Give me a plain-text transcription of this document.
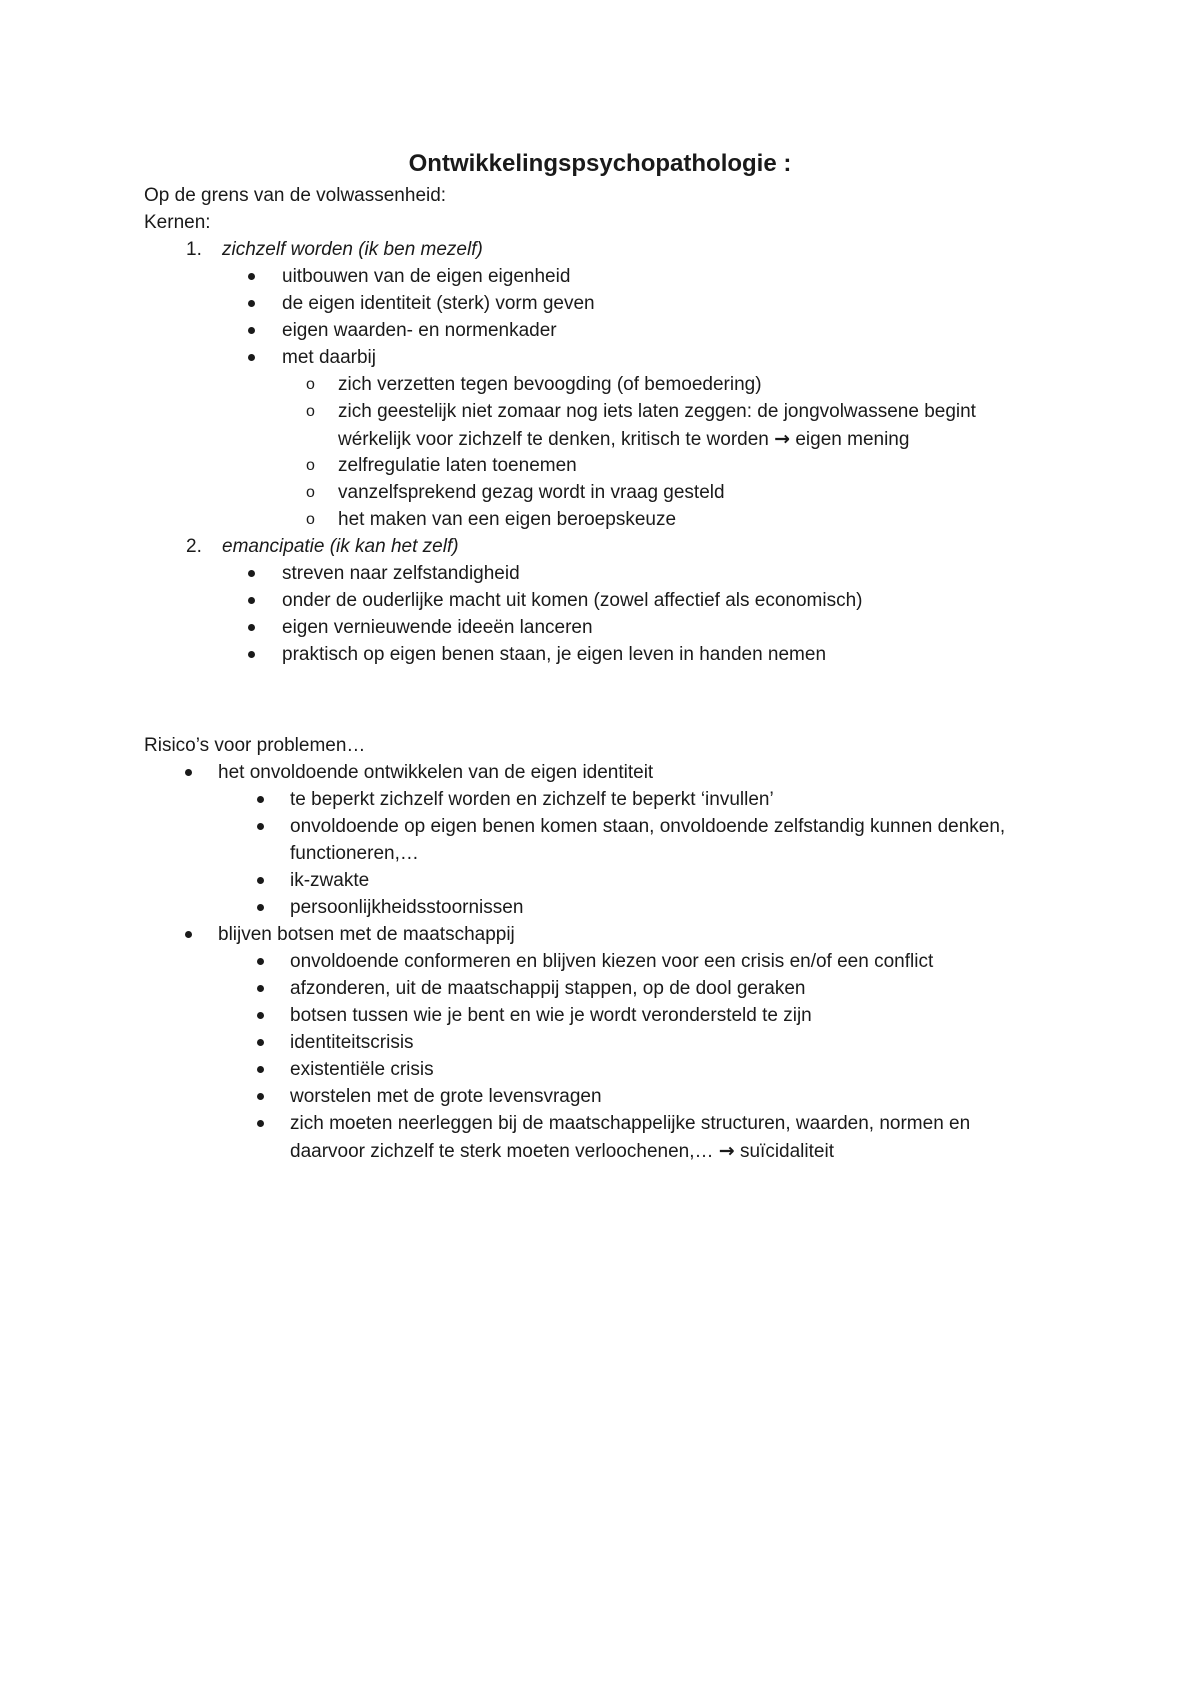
Ontwikkelingspsychopathologie :
Op de grens van de volwassenheid:
Kernen:
1. zichzelf worden (ik ben mezelf)
uitbouwen van de eigen eigenheid
de eigen identiteit (sterk) vorm geven
eigen waarden- en normenkader
met daarbij
o zich verzetten tegen bevoogding (of bemoedering)
o zich geestelijk niet zomaar nog iets laten zeggen: de jongvolwassene begint
wérkelijk voor zichzelf te denken, kritisch te worden → eigen mening
o zelfregulatie laten toenemen
o vanzelfsprekend gezag wordt in vraag gesteld
o het maken van een eigen beroepskeuze
2. emancipatie (ik kan het zelf)
streven naar zelfstandigheid
onder de ouderlijke macht uit komen (zowel affectief als economisch)
eigen vernieuwende ideeën lanceren
praktisch op eigen benen staan, je eigen leven in handen nemen
Risico’s voor problemen…
het onvoldoende ontwikkelen van de eigen identiteit
te beperkt zichzelf worden en zichzelf te beperkt ‘invullen’
onvoldoende op eigen benen komen staan, onvoldoende zelfstandig kunnen denken,
functioneren,…
ik-zwakte
persoonlijkheidsstoornissen
blijven botsen met de maatschappij
onvoldoende conformeren en blijven kiezen voor een crisis en/of een conflict
afzonderen, uit de maatschappij stappen, op de dool geraken
botsen tussen wie je bent en wie je wordt verondersteld te zijn
identiteitscrisis
existentiële crisis
worstelen met de grote levensvragen
zich moeten neerleggen bij de maatschappelijke structuren, waarden, normen en
daarvoor zichzelf te sterk moeten verloochenen,… → suïcidaliteit
